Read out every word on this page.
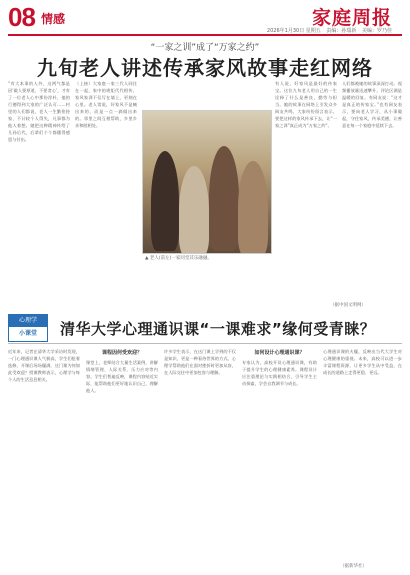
08 情感	家庭周报
2026年1月30日 星期五 责编：孙瑞新 美编：罗乃佳
“一家之训”成了“万家之约”
九旬老人讲述传承家风故事走红网络

“有大本事的人外，这两气都是因‘做人要厚道、不要贪心’，才有了一位老人心中那份淳朴，他的行德得到大家的广泛认可……村里的人们都说，老人一生勤俭持家，不计较个人得失，凡事都为他人着想。她把这种精神传给了儿孙后代，后辈们个个都懂得感恩与付出。

（上接）大家庭一家三代人同住在一起，家中的规矩代代相传。家风家训不仅写在墙上，更刻在心里。老人常说，好家风不是喊出来的，而是一点一滴做出来的。邻里之间互相帮助，乡里乡亲和睦相处。

▲ 老人(前左)一家同堂其乐融融。

有人说，好家风是最好的传家宝。这位九旬老人用自己的一生诠释了什么是善良、勤劳与担当。她的故事在网络上引发众多网友共鸣，大家纷纷留言表示，要把这样的家风传承下去，让“一家之训”真正成为“万家之约”。

人们都被她的故事深深打动。视频播放量迅速攀升，评论区满是温暖的回复。有网友说：“这才是真正的传家宝。”也有网友表示，要向老人学习，从小事做起，守住家风，传承美德，让善意在每一个家庭中延续下去。

（据中国文明网）
心理学
小课堂	清华大学心理通识课“一课难求”缘何受青睐？

近年来，记者在清华大学采访时发现，一门心理通识课人气极高，学生们抢着选修，开课后场场爆满。这门课为何如此受欢迎？授课教师表示，心理学与每个人的生活息息相关。

课程因何受欢迎？

课堂上，老师结合大量生活案例，讲解情绪管理、人际关系、压力应对等内容。学生们普遍反映，课程内容贴近实际，能帮助他们更好地认识自己、理解他人。

许多学生表示，在这门课上学到的不仅是知识，更是一种看待世界的方式。心理学帮助他们在面对挫折时更加从容，在人际交往中更加包容与理解。

如何设计心理通识课？

专家认为，高校开设心理通识课，有助于提升学生的心理健康素养。课程设计应注重理论与实践相结合，引导学生主动探索，学会自我调节与成长。

心理通识课的火爆，反映出当代大学生对心理健康的重视。未来，高校可以进一步丰富课程资源，让更多学生从中受益，在成长的道路上走得更稳、更远。

（据新华社）
